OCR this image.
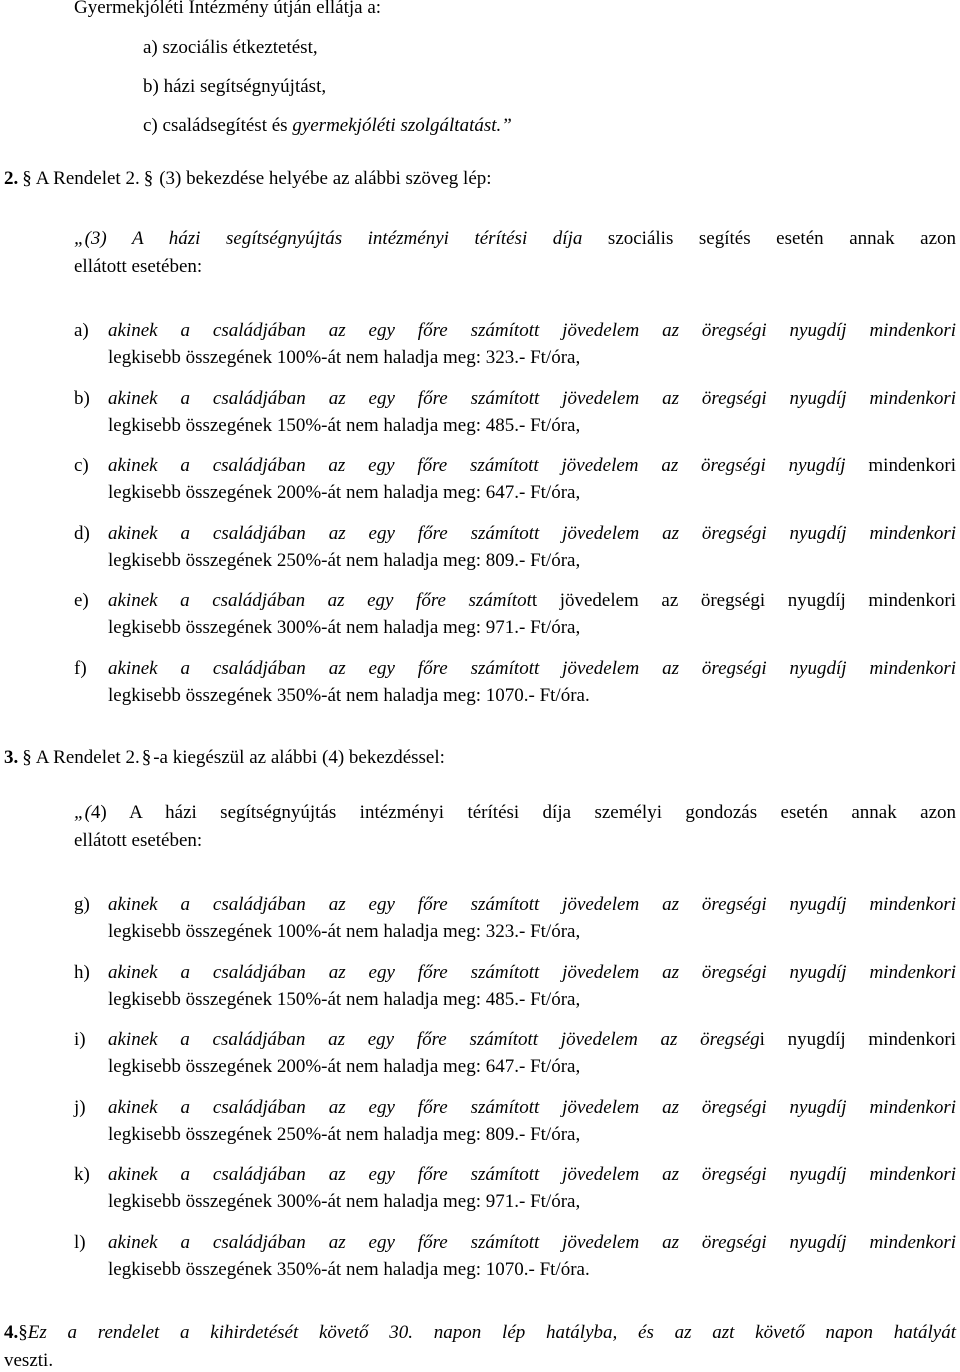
Gyermekjóléti Intézmény útján ellátja a:
a) szociális étkeztetést,
b) házi segítségnyújtást,
c) családsegítést és gyermekjóléti szolgáltatást.”
2. § A Rendelet 2. § (3) bekezdése helyébe az alábbi szöveg lép:
„(3) A házi segítségnyújtás intézményi térítési díja szociális segítés esetén annak azon
ellátott esetében:
a) akinek a családjában az egy főre számított jövedelem az öregségi nyugdíj mindenkori
legkisebb összegének 100%-át nem haladja meg: 323.- Ft/óra,
b) akinek a családjában az egy főre számított jövedelem az öregségi nyugdíj mindenkori
legkisebb összegének 150%-át nem haladja meg: 485.- Ft/óra,
c) akinek a családjában az egy főre számított jövedelem az öregségi nyugdíj mindenkori
legkisebb összegének 200%-át nem haladja meg: 647.- Ft/óra,
d) akinek a családjában az egy főre számított jövedelem az öregségi nyugdíj mindenkori
legkisebb összegének 250%-át nem haladja meg: 809.- Ft/óra,
e) akinek a családjában az egy főre számított jövedelem az öregségi nyugdíj mindenkori
legkisebb összegének 300%-át nem haladja meg: 971.- Ft/óra,
f) akinek a családjában az egy főre számított jövedelem az öregségi nyugdíj mindenkori
legkisebb összegének 350%-át nem haladja meg: 1070.- Ft/óra.
3. § A Rendelet 2. § -a kiegészül az alábbi (4) bekezdéssel:
„(4) A házi segítségnyújtás intézményi térítési díja személyi gondozás esetén annak azon
ellátott esetében:
g) akinek a családjában az egy főre számított jövedelem az öregségi nyugdíj mindenkori
legkisebb összegének 100%-át nem haladja meg: 323.- Ft/óra,
h) akinek a családjában az egy főre számított jövedelem az öregségi nyugdíj mindenkori
legkisebb összegének 150%-át nem haladja meg: 485.- Ft/óra,
i) akinek a családjában az egy főre számított jövedelem az öregségi nyugdíj mindenkori
legkisebb összegének 200%-át nem haladja meg: 647.- Ft/óra,
j) akinek a családjában az egy főre számított jövedelem az öregségi nyugdíj mindenkori
legkisebb összegének 250%-át nem haladja meg: 809.- Ft/óra,
k) akinek a családjában az egy főre számított jövedelem az öregségi nyugdíj mindenkori
legkisebb összegének 300%-át nem haladja meg: 971.- Ft/óra,
l) akinek a családjában az egy főre számított jövedelem az öregségi nyugdíj mindenkori
legkisebb összegének 350%-át nem haladja meg: 1070.- Ft/óra.
4.§Ez a rendelet a kihirdetését követő 30. napon lép hatályba, és az azt követő napon hatályát
veszti.
